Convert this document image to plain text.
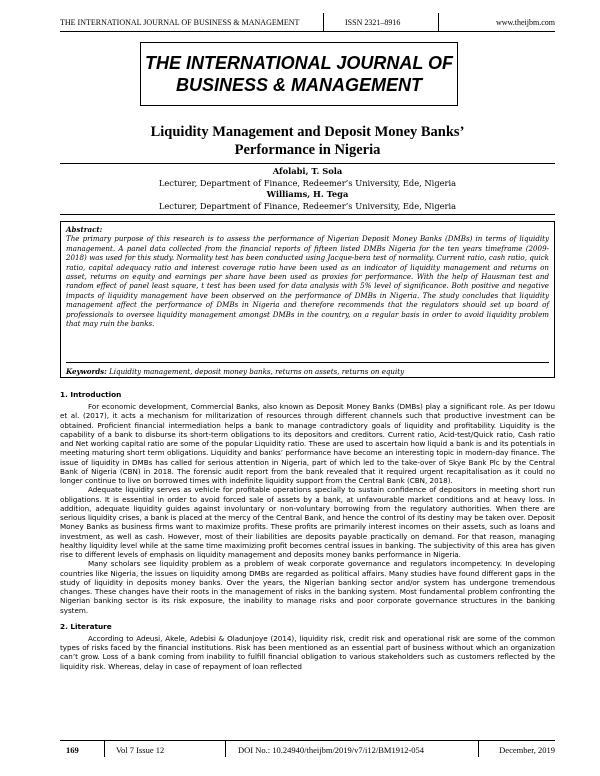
THE INTERNATIONAL JOURNAL OF BUSINESS & MANAGEMENT	ISSN 2321–8916	www.theijbm.com
THE INTERNATIONAL JOURNAL OF
BUSINESS & MANAGEMENT
Liquidity Management and Deposit Money Banks’
Performance in Nigeria
Afolabi, T. Sola
Lecturer, Department of Finance, Redeemer’s University, Ede, Nigeria
Williams, H. Tega
Lecturer, Department of Finance, Redeemer’s University, Ede, Nigeria
Abstract:
The primary purpose of this research is to assess the performance of Nigerian Deposit Money Banks (DMBs) in terms of liquidity management. A panel data collected from the financial reports of fifteen listed DMBs Nigeria for the ten years timeframe (2009-2018) was used for this study. Normality test has been conducted using Jacque-bera test of normality. Current ratio, cash ratio, quick ratio, capital adequacy ratio and interest coverage ratio have been used as an indicator of liquidity management and returns on asset, returns on equity and earnings per share have been used as proxies for performance. With the help of Hausman test and random effect of panel least square, t test has been used for data analysis with 5% level of significance. Both positive and negative impacts of liquidity management have been observed on the performance of DMBs in Nigeria. The study concludes that liquidity management affect the performance of DMBs in Nigeria and therefore recommends that the regulators should set up board of professionals to oversee liquidity management amongst DMBs in the country, on a regular basis in order to avoid liquidity problem that may ruin the banks.
Keywords: Liquidity management, deposit money banks, returns on assets, returns on equity
1. Introduction

For economic development, Commercial Banks, also known as Deposit Money Banks (DMBs) play a significant role. As per Idowu et al. (2017), it acts a mechanism for militarization of resources through different channels such that productive investment can be obtained. Proficient financial intermediation helps a bank to manage contradictory goals of liquidity and profitability. Liquidity is the capability of a bank to disburse its short-term obligations to its depositors and creditors. Current ratio, Acid-test/Quick ratio, Cash ratio and Net working capital ratio are some of the popular Liquidity ratio. These are used to ascertain how liquid a bank is and its potentials in meeting maturing short term obligations. Liquidity and banks’ performance have become an interesting topic in modern-day finance. The issue of liquidity in DMBs has called for serious attention in Nigeria, part of which led to the take-over of Skye Bank Plc by the Central Bank of Nigeria (CBN) in 2018. The forensic audit report from the bank revealed that it required urgent recapitalisation as it could no longer continue to live on borrowed times with indefinite liquidity support from the Central Bank (CBN, 2018).

Adequate liquidity serves as vehicle for profitable operations specially to sustain confidence of depositors in meeting short run obligations. It is essential in order to avoid forced sale of assets by a bank, at unfavourable market conditions and at heavy loss. In addition, adequate liquidity guides against involuntary or non-voluntary borrowing from the regulatory authorities. When there are serious liquidity crises, a bank is placed at the mercy of the Central Bank, and hence the control of its destiny may be taken over. Deposit Money Banks as business firms want to maximize profits. These profits are primarily interest incomes on their assets, such as loans and investment, as well as cash. However, most of their liabilities are deposits payable practically on demand. For that reason, managing healthy liquidity level while at the same time maximizing profit becomes central issues in banking. The subjectivity of this area has given rise to different levels of emphasis on liquidity management and deposits money banks performance in Nigeria.

Many scholars see liquidity problem as a problem of weak corporate governance and regulators incompetency. In developing countries like Nigeria, the issues on liquidity among DMBs are regarded as political affairs. Many studies have found different gaps in the study of liquidity in deposits money banks. Over the years, the Nigerian banking sector and/or system has undergone tremendous changes. These changes have their roots in the management of risks in the banking system. Most fundamental problem confronting the Nigerian banking sector is its risk exposure, the inability to manage risks and poor corporate governance structures in the banking system.

2. Literature

According to Adeusi, Akele, Adebisi & Oladunjoye (2014), liquidity risk, credit risk and operational risk are some of the common types of risks faced by the financial institutions. Risk has been mentioned as an essential part of business without which an organization can’t grow. Loss of a bank coming from inability to fulfill financial obligation to various stakeholders such as customers reflected by the liquidity risk. Whereas, delay in case of repayment of loan reflected

169	Vol 7 Issue 12	DOI No.: 10.24940/theijbm/2019/v7/i12/BM1912-054	December, 2019
